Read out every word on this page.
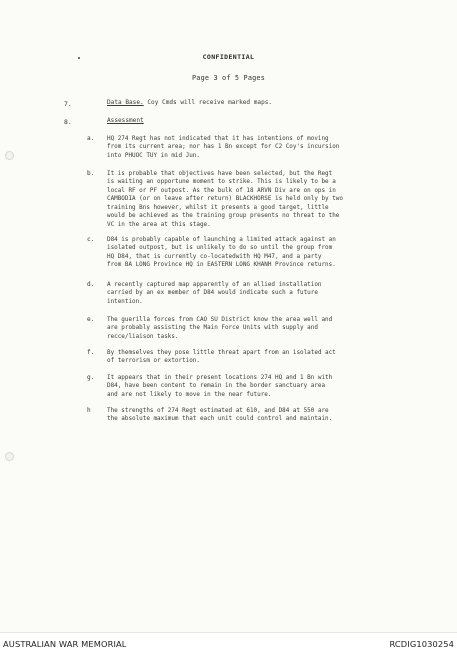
CONFIDENTIAL
Page 3 of 5 Pages
7.	Data Base. Coy Cmds will receive marked maps.
8.	Assessment
a. HQ 274 Regt has not indicated that it has intentions of moving
from its current area; nor has 1 Bn except for C2 Coy's incursion
into PHUOC TUY in mid Jun.
b. It is probable that objectives have been selected, but the Regt
is waiting an opportune moment to strike. This is likely to be a
local RF or PF outpost. As the bulk of 18 ARVN Div are on ops in
CAMBODIA (or on leave after return) BLACKHORSE is held only by two
training Bns however, whilst it presents a good target, little
would be achieved as the training group presents no threat to the
VC in the area at this stage.
c. D84 is probably capable of launching a limited attack against an
isolated outpost, but is unlikely to do so until the group from
HQ D84, that is currently co-locatedwith HQ M47, and a party
from BA LONG Province HQ in EASTERN LONG KHANH Province returns.
d. A recently captured map apparently of an allied installation
carried by an ex member of D84 would indicate such a future
intention.
e. The guerilla forces from CAO SU District know the area well and
are probably assisting the Main Force Units with supply and
recce/liaison tasks.
f. By themselves they pose little threat apart from an isolated act
of terrorism or extortion.
g. It appears that in their present locations 274 HQ and 1 Bn with
D84, have been content to remain in the border sanctuary area
and are not likely to move in the near future.
h	The strengths of 274 Regt estimated at 610, and D84 at 550 are
the absolute maximum that each unit could control and maintain.
AUSTRALIAN WAR MEMORIAL	RCDIG1030254
